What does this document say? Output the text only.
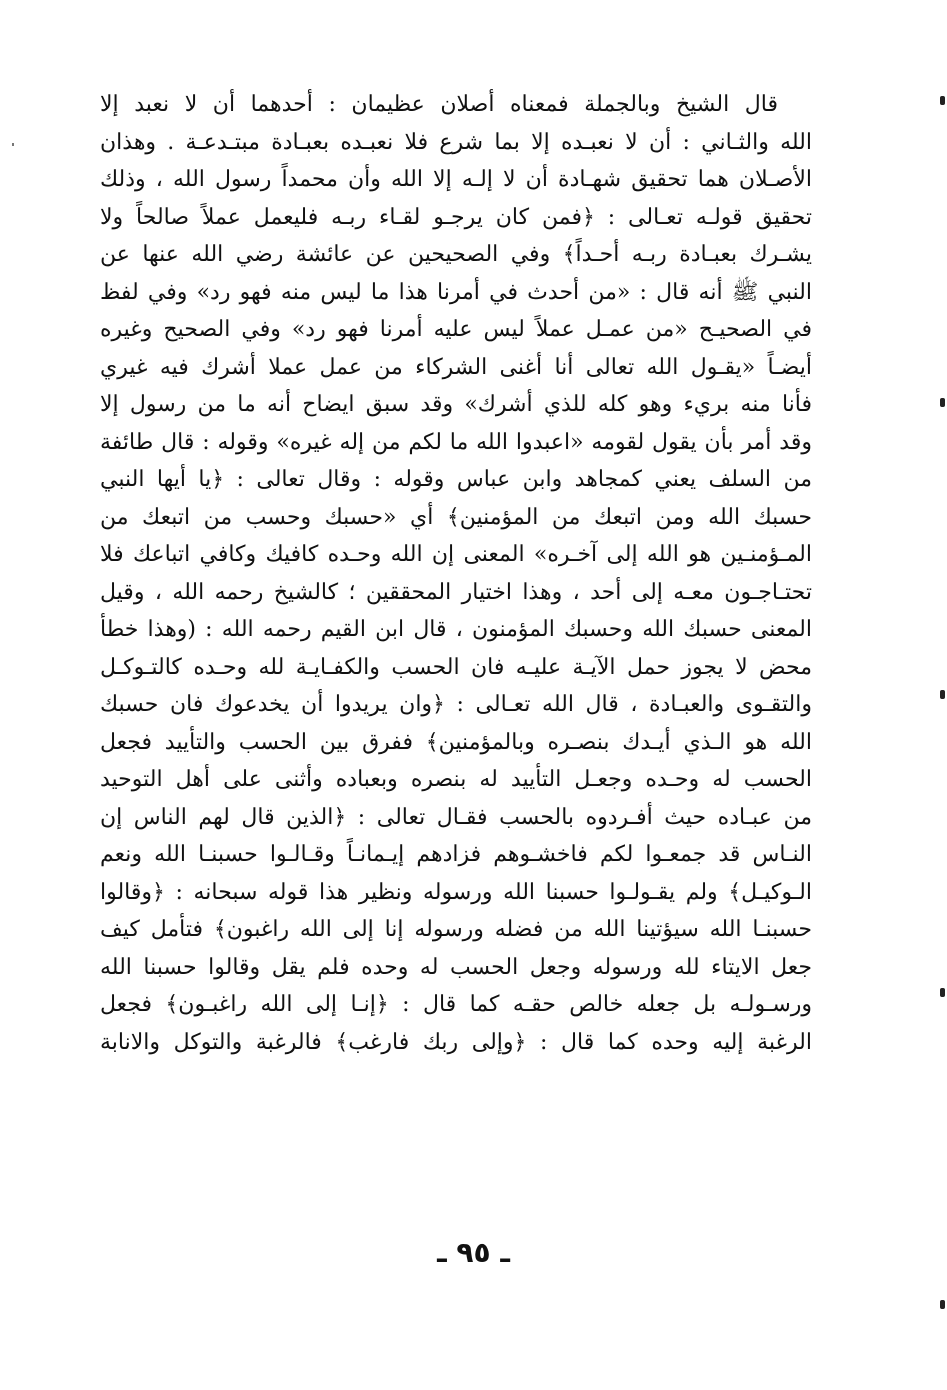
قال الشيخ وبالجملة فمعناه أصلان عظيمان : أحدهما أن لا نعبد إلا
الله والثـاني : أن لا نعبـده إلا بما شرع فلا نعبـده بعبـادة مبتـدعـة . وهذان
الأصـلان هما تحقيق شهـادة أن لا إلـه إلا الله وأن محمداً رسول الله ، وذلك
تحقيق قولـه تعـالى : ﴿فمن كان يرجـو لقـاء ربـه فليعمل عملاً صالحاً ولا
يشـرك بعبـادة ربـه أحـداً﴾ وفي الصحيحين عن عائشة رضي الله عنها عن
النبي ﷺ أنه قال : «من أحدث في أمرنا هذا ما ليس منه فهو رد» وفي لفظ
في الصحيـح «من عمـل عملاً ليس عليه أمرنا فهو رد» وفي الصحيح وغيره
أيضـاً «يقـول الله تعالى أنا أغنى الشركاء من عمل عملا أشرك فيه غيري
فأنا منه بريء وهو كله للذي أشرك» وقد سبق ايضاح أنه ما من رسول إلا
وقد أمر بأن يقول لقومه «اعبدوا الله ما لكم من إله غيره» وقوله : قال طائفة
من السلف يعني كمجاهد وابن عباس وقوله : وقال تعالى : ﴿يا أيها النبي
حسبك الله ومن اتبعك من المؤمنين﴾ أي «حسبك وحسب من اتبعك من
المـؤمنـين هو الله إلى آخـره» المعنى إن الله وحـده كافيك وكافي اتباعك فلا
تحتـاجـون معـه إلى أحد ، وهذا اختيار المحققين ؛ كالشيخ رحمه الله ، وقيل
المعنى حسبك الله وحسبك المؤمنون ، قال ابن القيم رحمه الله : (وهذا خطأ
محض لا يجوز حمل الآيـة عليـه فان الحسب والكفـايـة لله وحـده كالتـوكـل
والتقـوى والعبـادة ، قال الله تعـالى : ﴿وان يريدوا أن يخدعوك فان حسبك
الله هو الـذي أيـدك بنصـره وبالمؤمنين﴾ ففرق بين الحسب والتأييد فجعل
الحسب له وحـده وجعـل التأييد له بنصره وبعباده وأثنى على أهل التوحيد
من عبـاده حيث أفـردوه بالحسب فقـال تعالى : ﴿الذين قال لهم الناس إن
النـاس قد جمعـوا لكم فاخشـوهم فزادهم إيـمانـاً وقـالـوا حسبنـا الله ونعم
الـوكيـل﴾ ولم يقـولـوا حسبنا الله ورسوله ونظير هذا قوله سبحانه : ﴿وقالوا
حسبنـا الله سيؤتينا الله من فضله ورسوله إنا إلى الله راغبون﴾ فتأمل كيف
جعل الايتاء لله ورسوله وجعل الحسب له وحده فلم يقل وقالوا حسبنا الله
ورسـولـه بل جعله خالص حقـه كما قال : ﴿إنـا إلى الله راغبـون﴾ فجعل
الرغبة إليه وحده كما قال : ﴿وإلى ربك فارغب﴾ فالرغبة والتوكل والانابة
ـ ٩٥ ـ
